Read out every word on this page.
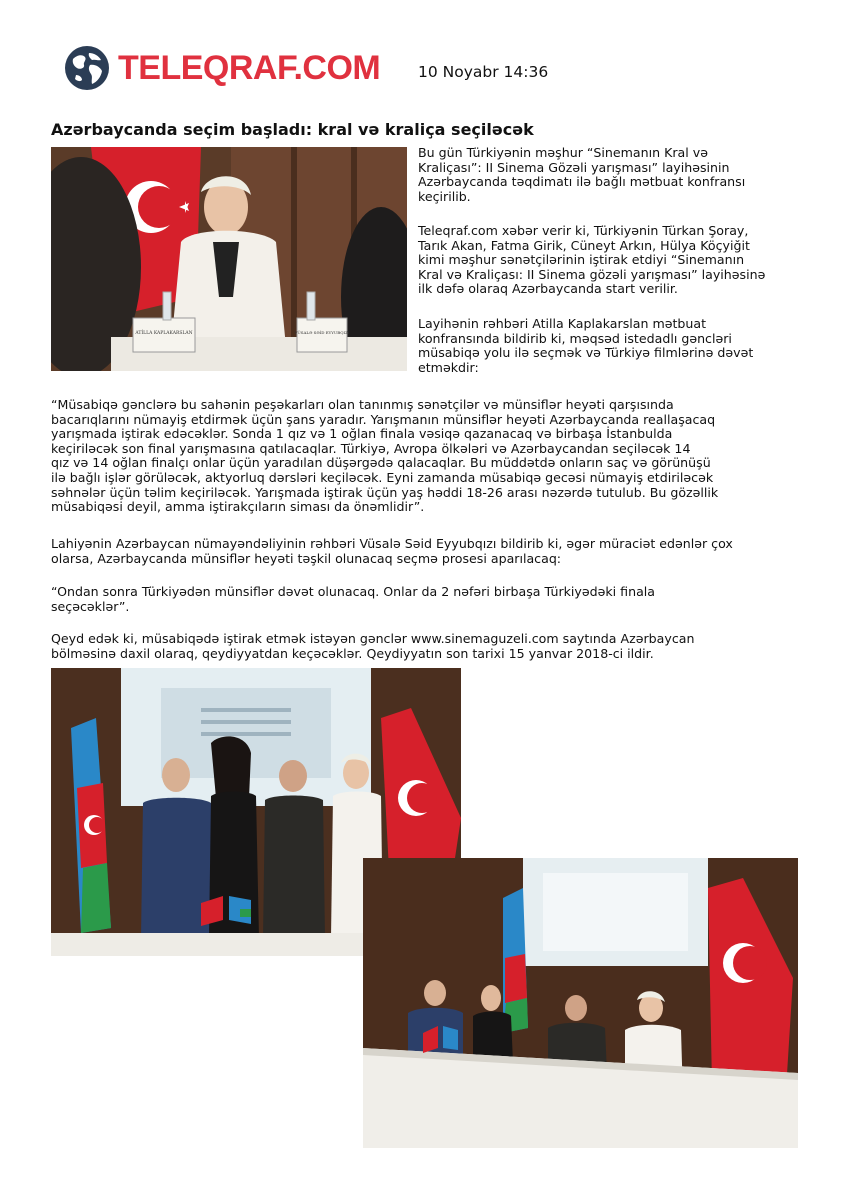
TELEQRAF.COM 10 Noyabr 14:36
Azərbaycanda seçim başladı: kral və kraliça seçiləcək
ATİLLA KAPLAKARSLAN	VÜSALƏ SƏİD EYYUBQIZI
Bu gün Türkiyənin məşhur “Sinemanın Kral və
Kraliçası”: II Sinema Gözəli yarışması” layihəsinin
Azərbaycanda təqdimatı ilə bağlı mətbuat konfransı
keçirilib.
Teleqraf.com xəbər verir ki, Türkiyənin Türkan Şoray,
Tarık Akan, Fatma Girik, Cüneyt Arkın, Hülya Köçyiğit
kimi məşhur sənətçilərinin iştirak etdiyi “Sinemanın
Kral və Kraliçası: II Sinema gözəli yarışması” layihəsinə
ilk dəfə olaraq Azərbaycanda start verilir.
Layihənin rəhbəri Atilla Kaplakarslan mətbuat
konfransında bildirib ki, məqsəd istedadlı gəncləri
müsabiqə yolu ilə seçmək və Türkiyə filmlərinə dəvət
etməkdir:
“Müsabiqə gənclərə bu sahənin peşəkarları olan tanınmış sənətçilər və münsiflər heyəti qarşısında
bacarıqlarını nümayiş etdirmək üçün şans yaradır. Yarışmanın münsiflər heyəti Azərbaycanda reallaşacaq
yarışmada iştirak edəcəklər. Sonda 1 qız və 1 oğlan finala vəsiqə qazanacaq və birbaşa İstanbulda
keçiriləcək son final yarışmasına qatılacaqlar. Türkiyə, Avropa ölkələri və Azərbaycandan seçiləcək 14
qız və 14 oğlan finalçı onlar üçün yaradılan düşərgədə qalacaqlar. Bu müddətdə onların saç və görünüşü
ilə bağlı işlər görüləcək, aktyorluq dərsləri keçiləcək. Eyni zamanda müsabiqə gecəsi nümayiş etdiriləcək
səhnələr üçün təlim keçiriləcək. Yarışmada iştirak üçün yaş həddi 18-26 arası nəzərdə tutulub. Bu gözəllik
müsabiqəsi deyil, amma iştirakçıların siması da önəmlidir”.
Lahiyənin Azərbaycan nümayəndəliyinin rəhbəri Vüsalə Səid Eyyubqızı bildirib ki, əgər müraciət edənlər çox
olarsa, Azərbaycanda münsiflər heyəti təşkil olunacaq seçmə prosesi aparılacaq:
“Ondan sonra Türkiyədən münsiflər dəvət olunacaq. Onlar da 2 nəfəri birbaşa Türkiyədəki finala
seçəcəklər”.
Qeyd edək ki, müsabiqədə iştirak etmək istəyən gənclər www.sinemaguzeli.com saytında Azərbaycan
bölməsinə daxil olaraq, qeydiyyatdan keçəcəklər. Qeydiyyatın son tarixi 15 yanvar 2018-ci ildir.
